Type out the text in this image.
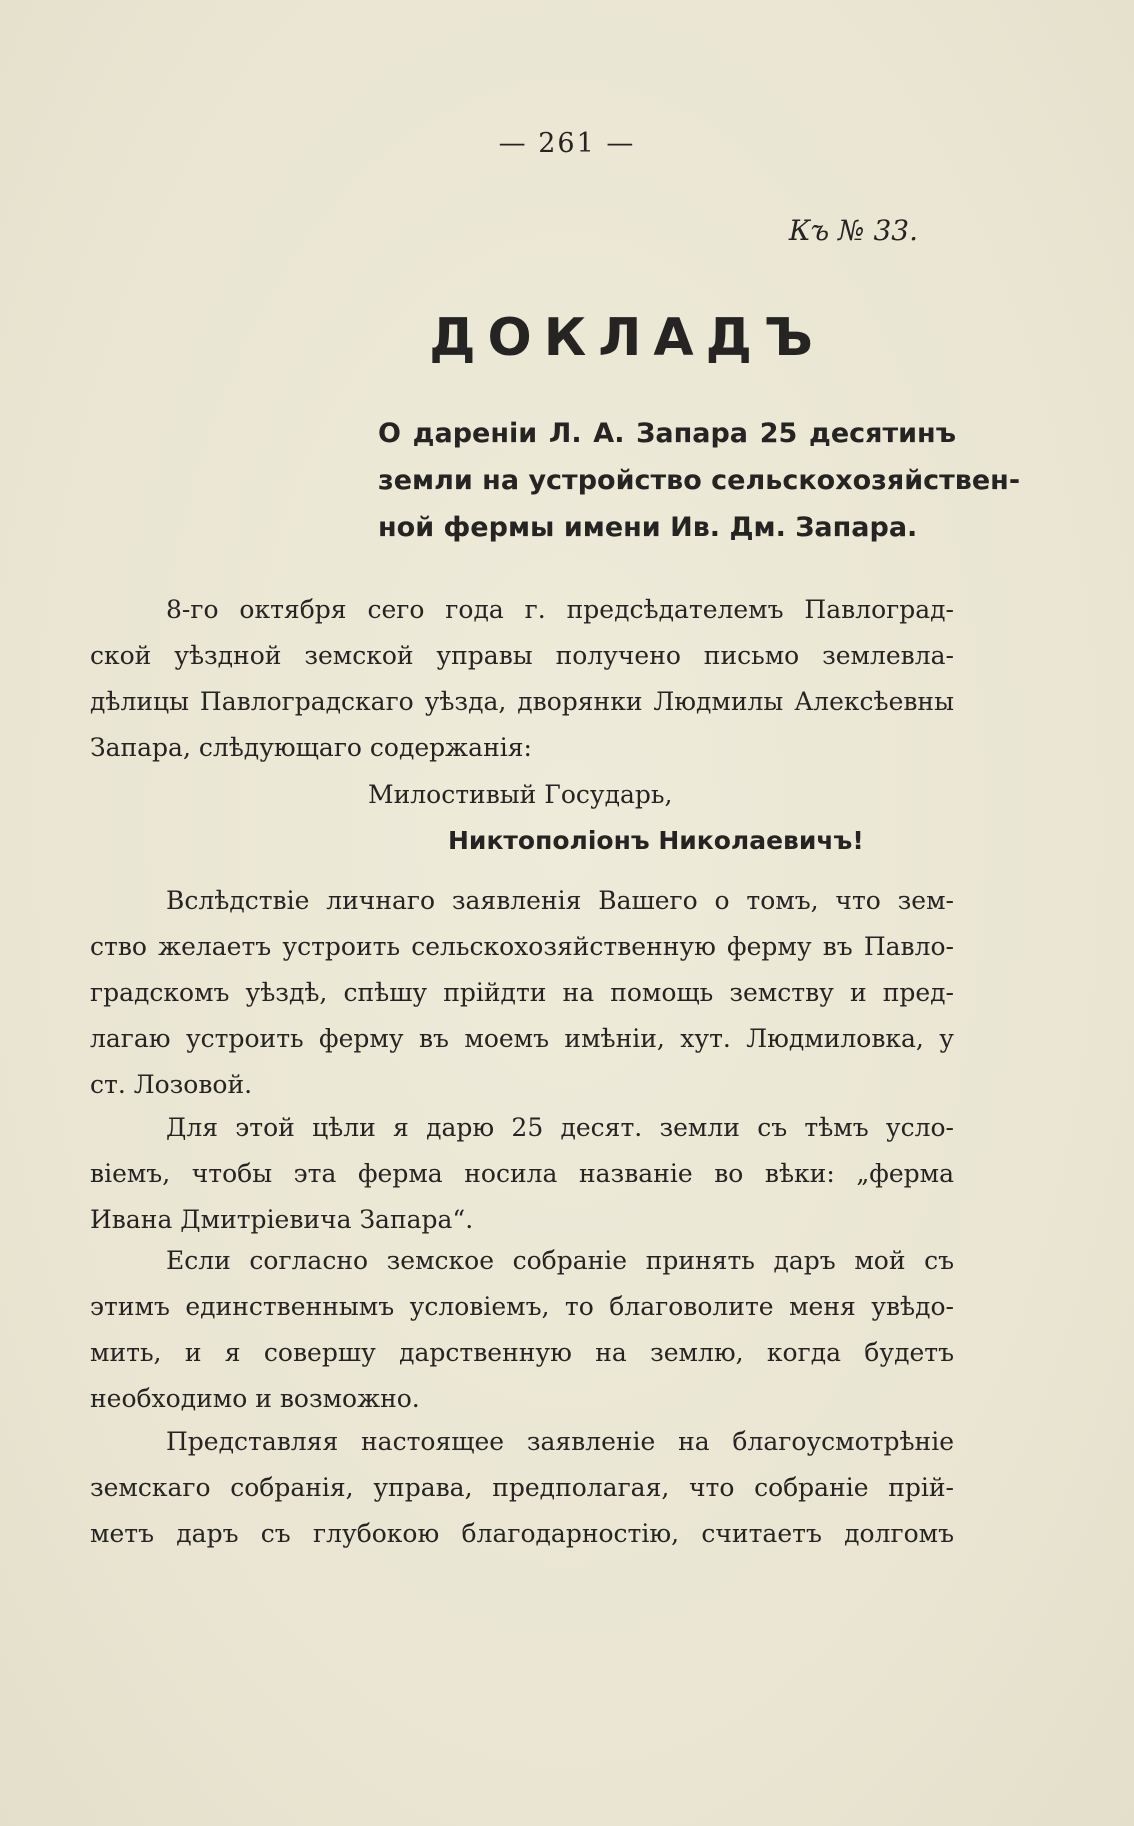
— 261 —
Къ № 33.
ДОКЛАДЪ
О дареніи Л. А. Запара 25 десятинъ
земли на устройство сельскохозяйствен-
ной фермы имени Ив. Дм. Запара.
8-го октября сего года г. предсѣдателемъ Павлоград-
ской уѣздной земской управы получено письмо землевла-
дѣлицы Павлоградскаго уѣзда, дворянки Людмилы Алексѣевны
Запара, слѣдующаго содержанія:
Милостивый Государь,
Никтополіонъ Николаевичъ!
Вслѣдствіе личнаго заявленія Вашего о томъ, что зем-
ство желаетъ устроить сельскохозяйственную ферму въ Павло-
градскомъ уѣздѣ, спѣшу прійдти на помощь земству и пред-
лагаю устроить ферму въ моемъ имѣніи, хут. Людмиловка, у
ст. Лозовой.
Для этой цѣли я дарю 25 десят. земли съ тѣмъ усло-
віемъ, чтобы эта ферма носила названіе во вѣки: „ферма
Ивана Дмитріевича Запара“.
Если согласно земское собраніе принять даръ мой съ
этимъ единственнымъ условіемъ, то благоволите меня увѣдо-
мить, и я совершу дарственную на землю, когда будетъ
необходимо и возможно.
Представляя настоящее заявленіе на благоусмотрѣніе
земскаго собранія, управа, предполагая, что собраніе прій-
метъ даръ съ глубокою благодарностію, считаетъ долгомъ
